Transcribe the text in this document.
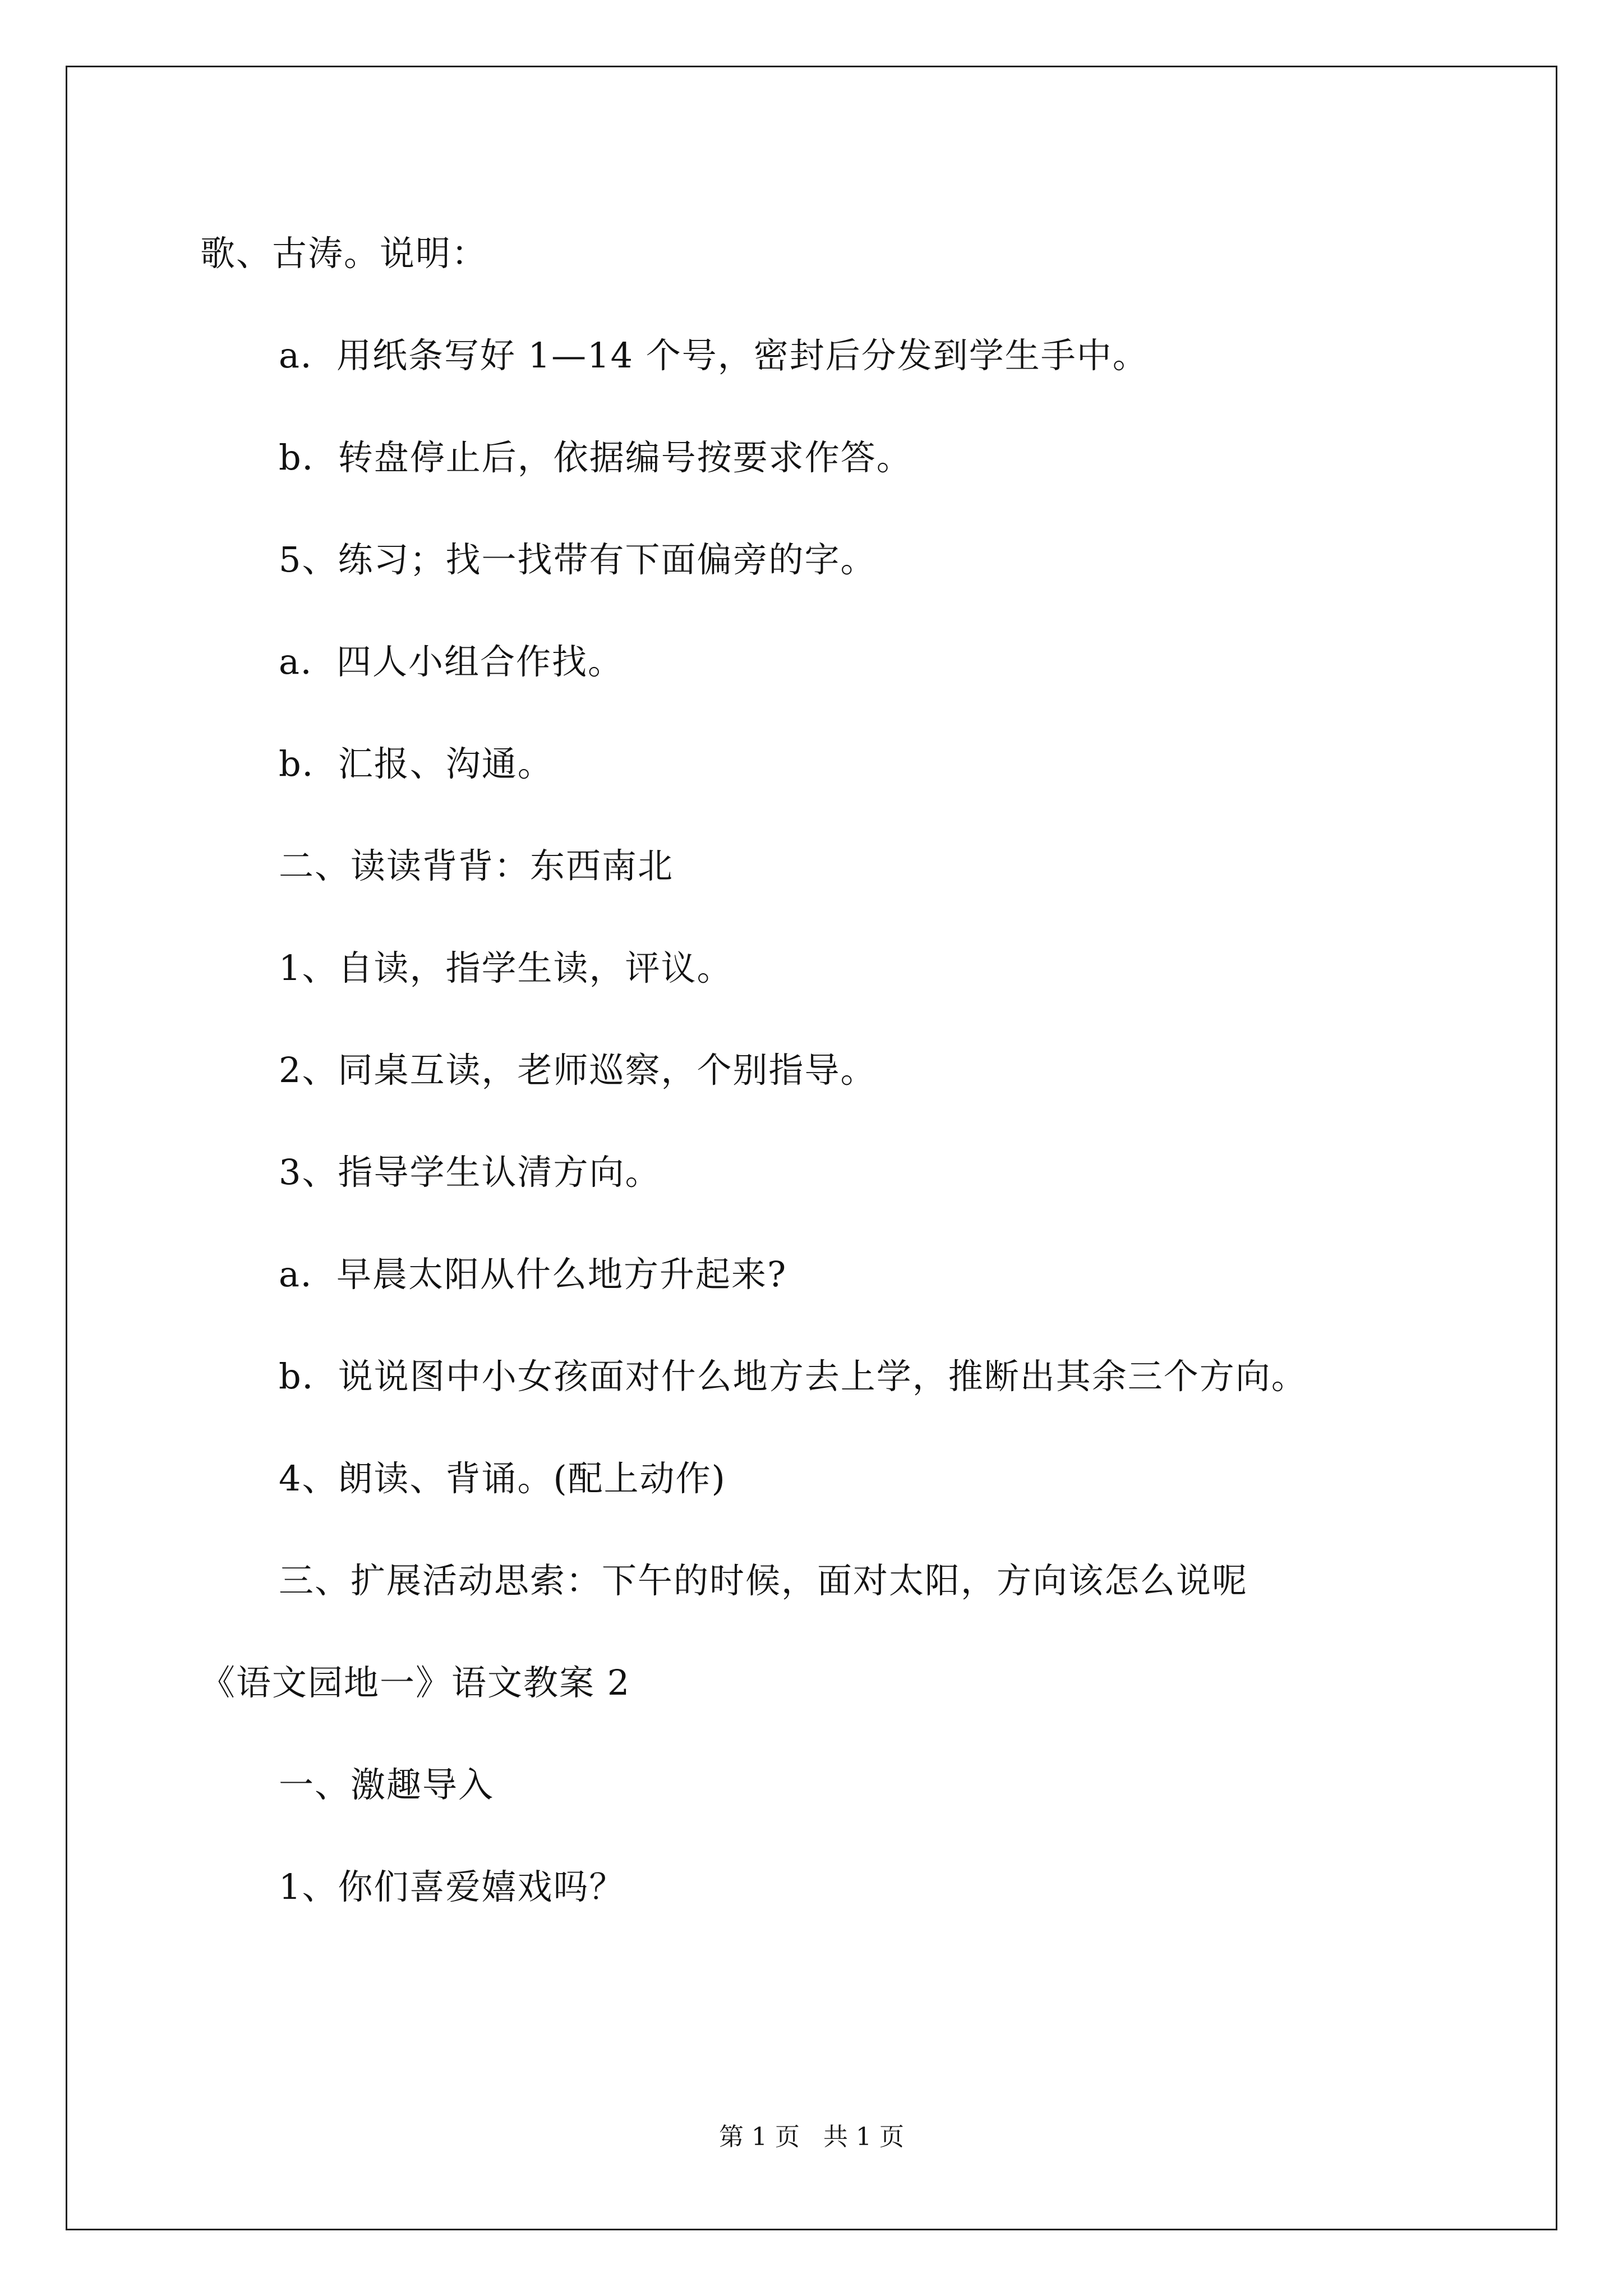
歌、古涛。说明：
a．用纸条写好 1—14 个号，密封后分发到学生手中。
b．转盘停止后，依据编号按要求作答。
5、练习；找一找带有下面偏旁的字。
a．四人小组合作找。
b．汇报、沟通。
二、读读背背：东西南北
1、自读，指学生读，评议。
2、同桌互读，老师巡察，个别指导。
3、指导学生认清方向。
a．早晨太阳从什么地方升起来?
b．说说图中小女孩面对什么地方去上学，推断出其余三个方向。
4、朗读、背诵。(配上动作)
三、扩展活动思索：下午的时候，面对太阳，方向该怎么说呢
《语文园地一》语文教案 2
一、激趣导入
1、你们喜爱嬉戏吗？
第 1 页   共 1 页
